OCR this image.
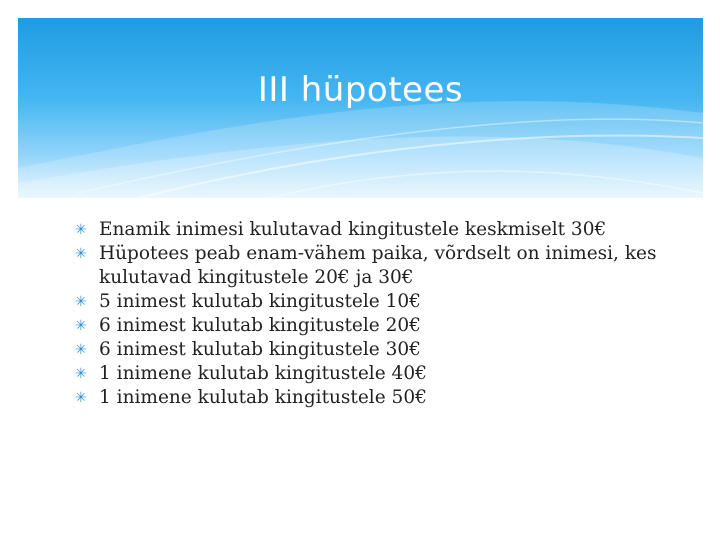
III hüpotees
✳ Enamik inimesi kulutavad kingitustele keskmiselt 30€
✳ Hüpotees peab enam-vähem paika, võrdselt on inimesi, kes kulutavad kingitustele 20€ ja 30€
✳ 5 inimest kulutab kingitustele 10€
✳ 6 inimest kulutab kingitustele 20€
✳ 6 inimest kulutab kingitustele 30€
✳ 1 inimene kulutab kingitustele 40€
✳ 1 inimene kulutab kingitustele 50€
